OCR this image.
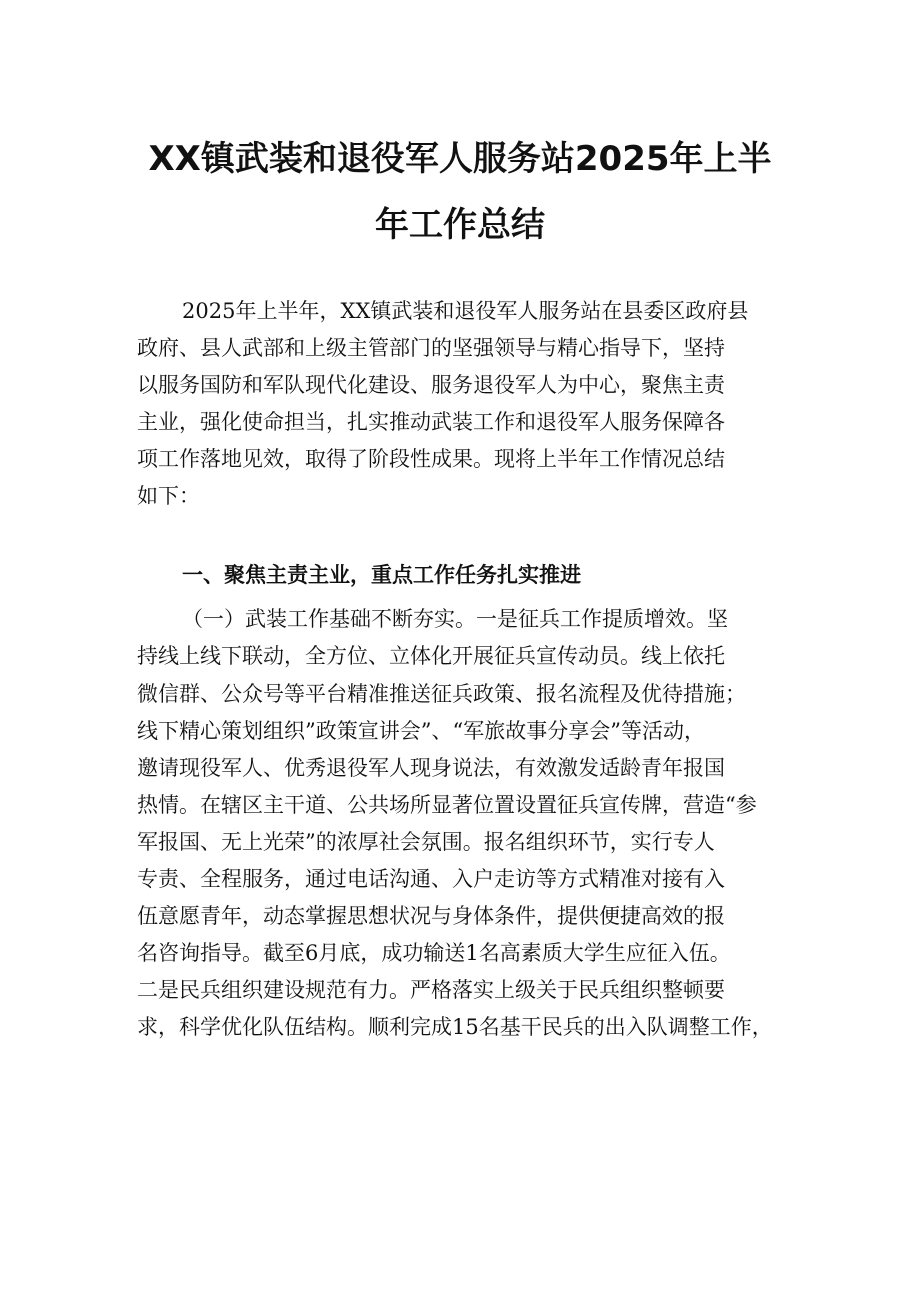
XX镇武装和退役军人服务站2025年上半
年工作总结

2025年上半年，XX镇武装和退役军人服务站在县委区政府县

政府、县人武部和上级主管部门的坚强领导与精心指导下，坚持

以服务国防和军队现代化建设、服务退役军人为中心，聚焦主责

主业，强化使命担当，扎实推动武装工作和退役军人服务保障各

项工作落地见效，取得了阶段性成果。现将上半年工作情况总结

如下：

一、聚焦主责主业，重点工作任务扎实推进

（一）武装工作基础不断夯实。一是征兵工作提质增效。坚

持线上线下联动，全方位、立体化开展征兵宣传动员。线上依托

微信群、公众号等平台精准推送征兵政策、报名流程及优待措施；

线下精心策划组织”政策宣讲会”、“军旅故事分享会”等活动，

邀请现役军人、优秀退役军人现身说法，有效激发适龄青年报国

热情。在辖区主干道、公共场所显著位置设置征兵宣传牌，营造“参

军报国、无上光荣”的浓厚社会氛围。报名组织环节，实行专人

专责、全程服务，通过电话沟通、入户走访等方式精准对接有入

伍意愿青年，动态掌握思想状况与身体条件，提供便捷高效的报

名咨询指导。截至6月底，成功输送1名高素质大学生应征入伍。

二是民兵组织建设规范有力。严格落实上级关于民兵组织整顿要

求，科学优化队伍结构。顺利完成15名基干民兵的出入队调整工作，
